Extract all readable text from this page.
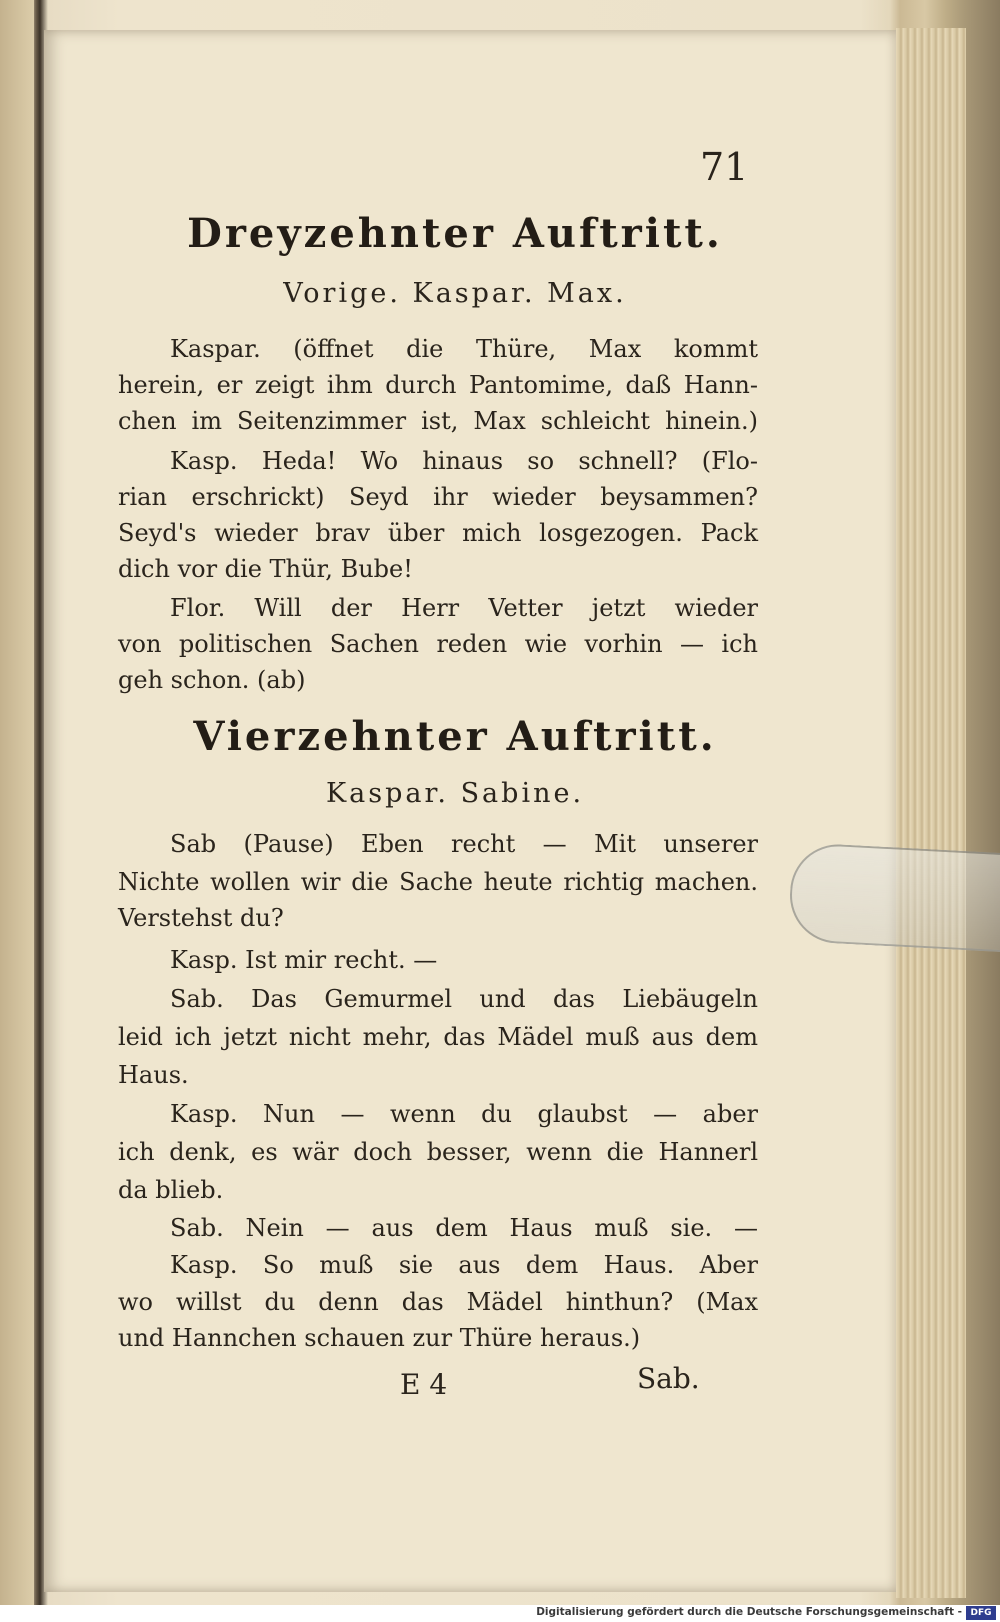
71
Dreyzehnter Auftritt.
Vorige. Kaspar. Max.
Kaspar. (öffnet die Thüre, Max kommt
herein, er zeigt ihm durch Pantomime, daß Hann-
chen im Seitenzimmer ist, Max schleicht hinein.)
Kasp. Heda! Wo hinaus so schnell? (Flo-
rian erschrickt) Seyd ihr wieder beysammen?
Seyd's wieder brav über mich losgezogen. Pack
dich vor die Thür, Bube!
Flor. Will der Herr Vetter jetzt wieder
von politischen Sachen reden wie vorhin — ich
geh schon. (ab)
Vierzehnter Auftritt.
Kaspar. Sabine.
Sab (Pause) Eben recht — Mit unserer
Nichte wollen wir die Sache heute richtig machen.
Verstehst du?
Kasp. Ist mir recht. —
Sab. Das Gemurmel und das Liebäugeln
leid ich jetzt nicht mehr, das Mädel muß aus dem
Haus.
Kasp. Nun — wenn du glaubst — aber
ich denk, es wär doch besser, wenn die Hannerl
da blieb.
Sab. Nein — aus dem Haus muß sie. —
Kasp. So muß sie aus dem Haus. Aber
wo willst du denn das Mädel hinthun? (Max
und Hannchen schauen zur Thüre heraus.)
E 4	Sab.
Digitalisierung gefördert durch die Deutsche Forschungsgemeinschaft - DFG
